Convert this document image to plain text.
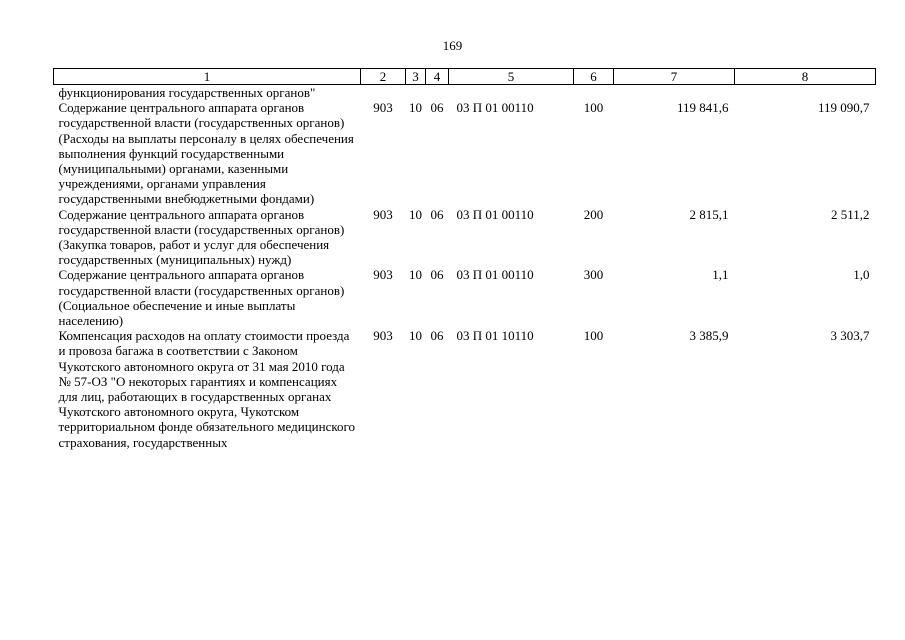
169
1	2	3	4	5	6	7	8
функционирования государственных органов"							
Содержание центрального аппарата органов государственной власти (государственных органов) (Расходы на выплаты персоналу в целях обеспечения выполнения функций государственными (муниципальными) органами, казенными учреждениями, органами управления государственными внебюджетными фондами)	903	10	06	03 П 01 00110	100	119 841,6	119 090,7
Содержание центрального аппарата органов государственной власти (государственных органов) (Закупка товаров, работ и услуг для обеспечения государственных (муниципальных) нужд)	903	10	06	03 П 01 00110	200	2 815,1	2 511,2
Содержание центрального аппарата органов государственной власти (государственных органов) (Социальное обеспечение и иные выплаты населению)	903	10	06	03 П 01 00110	300	1,1	1,0
Компенсация расходов на оплату стоимости проезда и провоза багажа в соответствии с Законом Чукотского автономного округа от 31 мая 2010 года № 57-ОЗ "О некоторых гарантиях и компенсациях для лиц, работающих в государственных органах Чукотского автономного округа, Чукотском территориальном фонде обязательного медицинского страхования, государственных	903	10	06	03 П 01 10110	100	3 385,9	3 303,7
